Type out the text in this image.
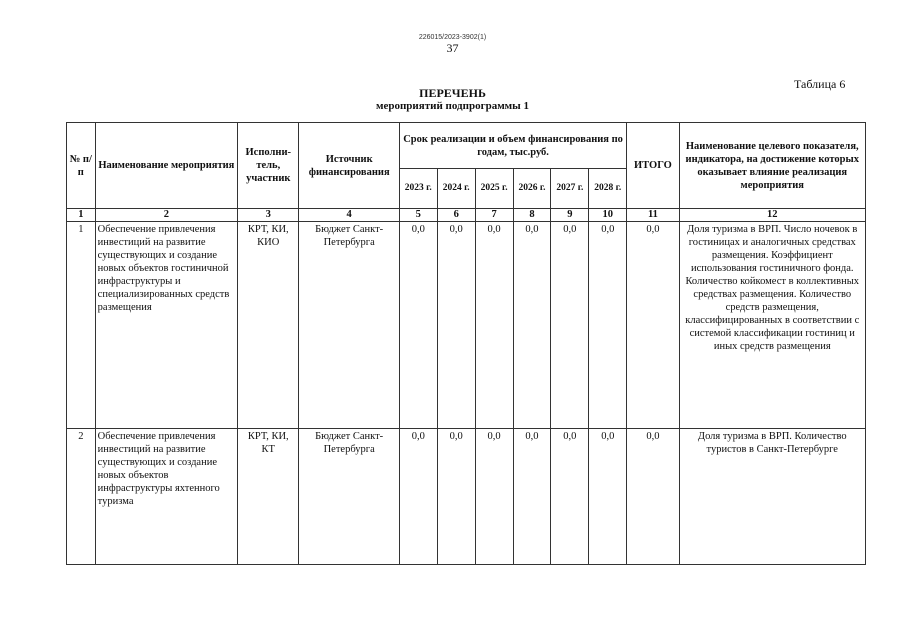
226015/2023-3902(1)
37
Таблица 6
ПЕРЕЧЕНЬ
мероприятий подпрограммы 1
№ п/п	Наименование мероприятия	Исполни-тель, участник	Источник финансирования	Срок реализации и объем финансирования по годам, тыс.руб.						ИТОГО	Наименование целевого показателя, индикатора, на достижение которых оказывает влияние реализация мероприятия
				2023 г.	2024 г.	2025 г.	2026 г.	2027 г.	2028 г.		
1	2	3	4	5	6	7	8	9	10	11	12
1	Обеспечение привлечения инвестиций на развитие существующих и создание новых объектов гостиничной инфраструктуры и специализированных средств размещения	КРТ, КИ, КИО	Бюджет Санкт-Петербурга	0,0	0,0	0,0	0,0	0,0	0,0	0,0	Доля туризма в ВРП. Число ночевок в гостиницах и аналогичных средствах размещения. Коэффициент использования гостиничного фонда. Количество койкомест в коллективных средствах размещения. Количество средств размещения, классифицированных в соответствии с системой классификации гостиниц и иных средств размещения
2	Обеспечение привлечения инвестиций на развитие существующих и создание новых объектов инфраструктуры яхтенного туризма	КРТ, КИ, КТ	Бюджет Санкт-Петербурга	0,0	0,0	0,0	0,0	0,0	0,0	0,0	Доля туризма в ВРП. Количество туристов в Санкт-Петербурге
